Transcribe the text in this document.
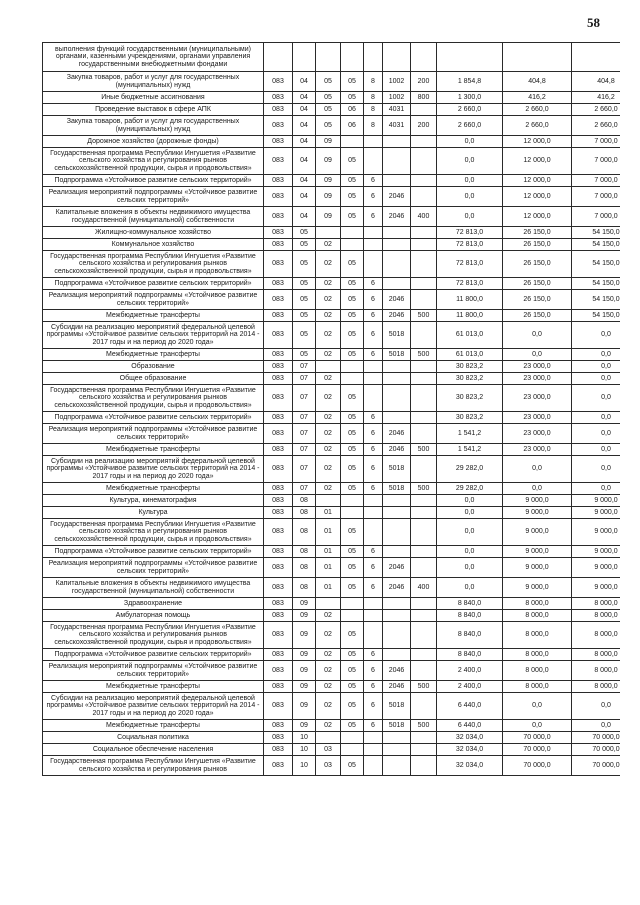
58
выполнения функций государственными (муниципальными) органами, казенными учреждениями, органами управления государственными внебюджетными фондами										
Закупка товаров, работ и услуг для государственных (муниципальных) нужд	083	04	05	05	8	1002	200	1 854,8	404,8	404,8
Иные бюджетные ассигнования	083	04	05	05	8	1002	800	1 300,0	416,2	416,2
Проведение выставок в сфере АПК	083	04	05	06	8	4031		2 660,0	2 660,0	2 660,0
Закупка товаров, работ и услуг для государственных (муниципальных) нужд	083	04	05	06	8	4031	200	2 660,0	2 660,0	2 660,0
Дорожное хозяйство (дорожные фонды)	083	04	09					0,0	12 000,0	7 000,0
Государственная программа Республики Ингушетия «Развитие сельского хозяйства и регулирования рынков сельскохозяйственной продукции, сырья и продовольствия»	083	04	09	05				0,0	12 000,0	7 000,0
Подпрограмма «Устойчивое развитие сельских территорий»	083	04	09	05	6			0,0	12 000,0	7 000,0
Реализация мероприятий подпрограммы «Устойчивое развитие сельских территорий»	083	04	09	05	6	2046		0,0	12 000,0	7 000,0
Капитальные вложения в объекты недвижимого имущества государственной (муниципальной) собственности	083	04	09	05	6	2046	400	0,0	12 000,0	7 000,0
Жилищно-коммунальное хозяйство	083	05						72 813,0	26 150,0	54 150,0
Коммунальное хозяйство	083	05	02					72 813,0	26 150,0	54 150,0
Государственная программа Республики Ингушетия «Развитие сельского хозяйства и регулирования рынков сельскохозяйственной продукции, сырья и продовольствия»	083	05	02	05				72 813,0	26 150,0	54 150,0
Подпрограмма «Устойчивое развитие сельских территорий»	083	05	02	05	6			72 813,0	26 150,0	54 150,0
Реализация мероприятий подпрограммы «Устойчивое развитие сельских территорий»	083	05	02	05	6	2046		11 800,0	26 150,0	54 150,0
Межбюджетные трансферты	083	05	02	05	6	2046	500	11 800,0	26 150,0	54 150,0
Субсидии на реализацию мероприятий федеральной целевой программы «Устойчивое развитие сельских территорий на 2014 - 2017 годы и на период до 2020 года»	083	05	02	05	6	5018		61 013,0	0,0	0,0
Межбюджетные трансферты	083	05	02	05	6	5018	500	61 013,0	0,0	0,0
Образование	083	07						30 823,2	23 000,0	0,0
Общее образование	083	07	02					30 823,2	23 000,0	0,0
Государственная программа Республики Ингушетия «Развитие сельского хозяйства и регулирования рынков сельскохозяйственной продукции, сырья и продовольствия»	083	07	02	05				30 823,2	23 000,0	0,0
Подпрограмма «Устойчивое развитие сельских территорий»	083	07	02	05	6			30 823,2	23 000,0	0,0
Реализация мероприятий подпрограммы «Устойчивое развитие сельских территорий»	083	07	02	05	6	2046		1 541,2	23 000,0	0,0
Межбюджетные трансферты	083	07	02	05	6	2046	500	1 541,2	23 000,0	0,0
Субсидии на реализацию мероприятий федеральной целевой программы «Устойчивое развитие сельских территорий на 2014 - 2017 годы и на период до 2020 года»	083	07	02	05	6	5018		29 282,0	0,0	0,0
Межбюджетные трансферты	083	07	02	05	6	5018	500	29 282,0	0,0	0,0
Культура, кинематография	083	08						0,0	9 000,0	9 000,0
Культура	083	08	01					0,0	9 000,0	9 000,0
Государственная программа Республики Ингушетия «Развитие сельского хозяйства и регулирования рынков сельскохозяйственной продукции, сырья и продовольствия»	083	08	01	05				0,0	9 000,0	9 000,0
Подпрограмма «Устойчивое развитие сельских территорий»	083	08	01	05	6			0,0	9 000,0	9 000,0
Реализация мероприятий подпрограммы «Устойчивое развитие сельских территорий»	083	08	01	05	6	2046		0,0	9 000,0	9 000,0
Капитальные вложения в объекты недвижимого имущества государственной (муниципальной) собственности	083	08	01	05	6	2046	400	0,0	9 000,0	9 000,0
Здравоохранение	083	09						8 840,0	8 000,0	8 000,0
Амбулаторная помощь	083	09	02					8 840,0	8 000,0	8 000,0
Государственная программа Республики Ингушетия «Развитие сельского хозяйства и регулирования рынков сельскохозяйственной продукции, сырья и продовольствия»	083	09	02	05				8 840,0	8 000,0	8 000,0
Подпрограмма «Устойчивое развитие сельских территорий»	083	09	02	05	6			8 840,0	8 000,0	8 000,0
Реализация мероприятий подпрограммы «Устойчивое развитие сельских территорий»	083	09	02	05	6	2046		2 400,0	8 000,0	8 000,0
Межбюджетные трансферты	083	09	02	05	6	2046	500	2 400,0	8 000,0	8 000,0
Субсидии на реализацию мероприятий федеральной целевой программы «Устойчивое развитие сельских территорий на 2014 - 2017 годы и на период до 2020 года»	083	09	02	05	6	5018		6 440,0	0,0	0,0
Межбюджетные трансферты	083	09	02	05	6	5018	500	6 440,0	0,0	0,0
Социальная политика	083	10						32 034,0	70 000,0	70 000,0
Социальное обеспечение населения	083	10	03					32 034,0	70 000,0	70 000,0
Государственная программа Республики Ингушетия «Развитие сельского хозяйства и регулирования рынков	083	10	03	05				32 034,0	70 000,0	70 000,0
